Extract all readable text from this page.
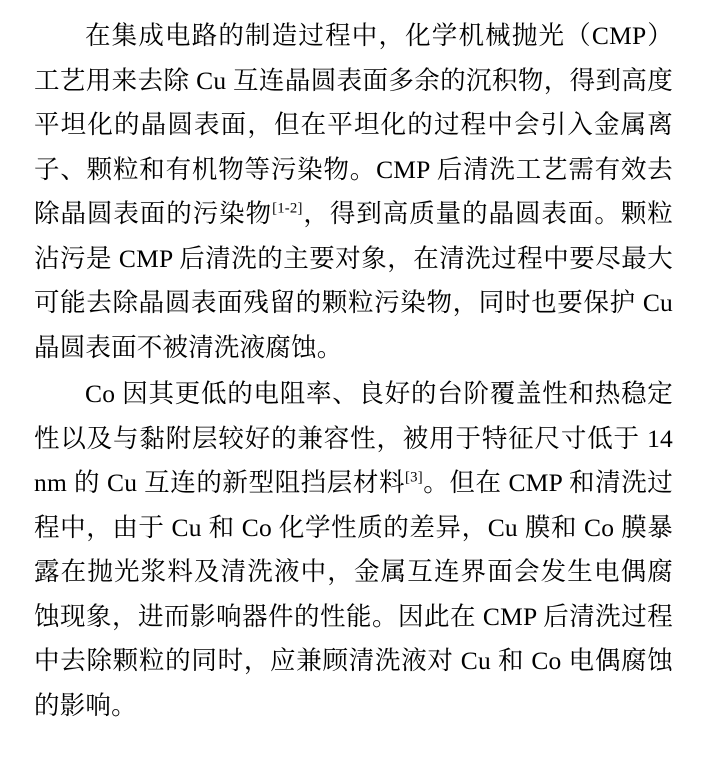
在集成电路的制造过程中，化学机械抛光（CMP）工艺用来去除 Cu 互连晶圆表面多余的沉积物，得到高度平坦化的晶圆表面，但在平坦化的过程中会引入金属离子、颗粒和有机物等污染物。CMP 后清洗工艺需有效去除晶圆表面的污染物[1-2]，得到高质量的晶圆表面。颗粒沾污是 CMP 后清洗的主要对象，在清洗过程中要尽最大可能去除晶圆表面残留的颗粒污染物，同时也要保护 Cu 晶圆表面不被清洗液腐蚀。

Co 因其更低的电阻率、良好的台阶覆盖性和热稳定性以及与黏附层较好的兼容性，被用于特征尺寸低于 14 nm 的 Cu 互连的新型阻挡层材料[3]。但在 CMP 和清洗过程中，由于 Cu 和 Co 化学性质的差异，Cu 膜和 Co 膜暴露在抛光浆料及清洗液中，金属互连界面会发生电偶腐蚀现象，进而影响器件的性能。因此在 CMP 后清洗过程中去除颗粒的同时，应兼顾清洗液对 Cu 和 Co 电偶腐蚀的影响。
